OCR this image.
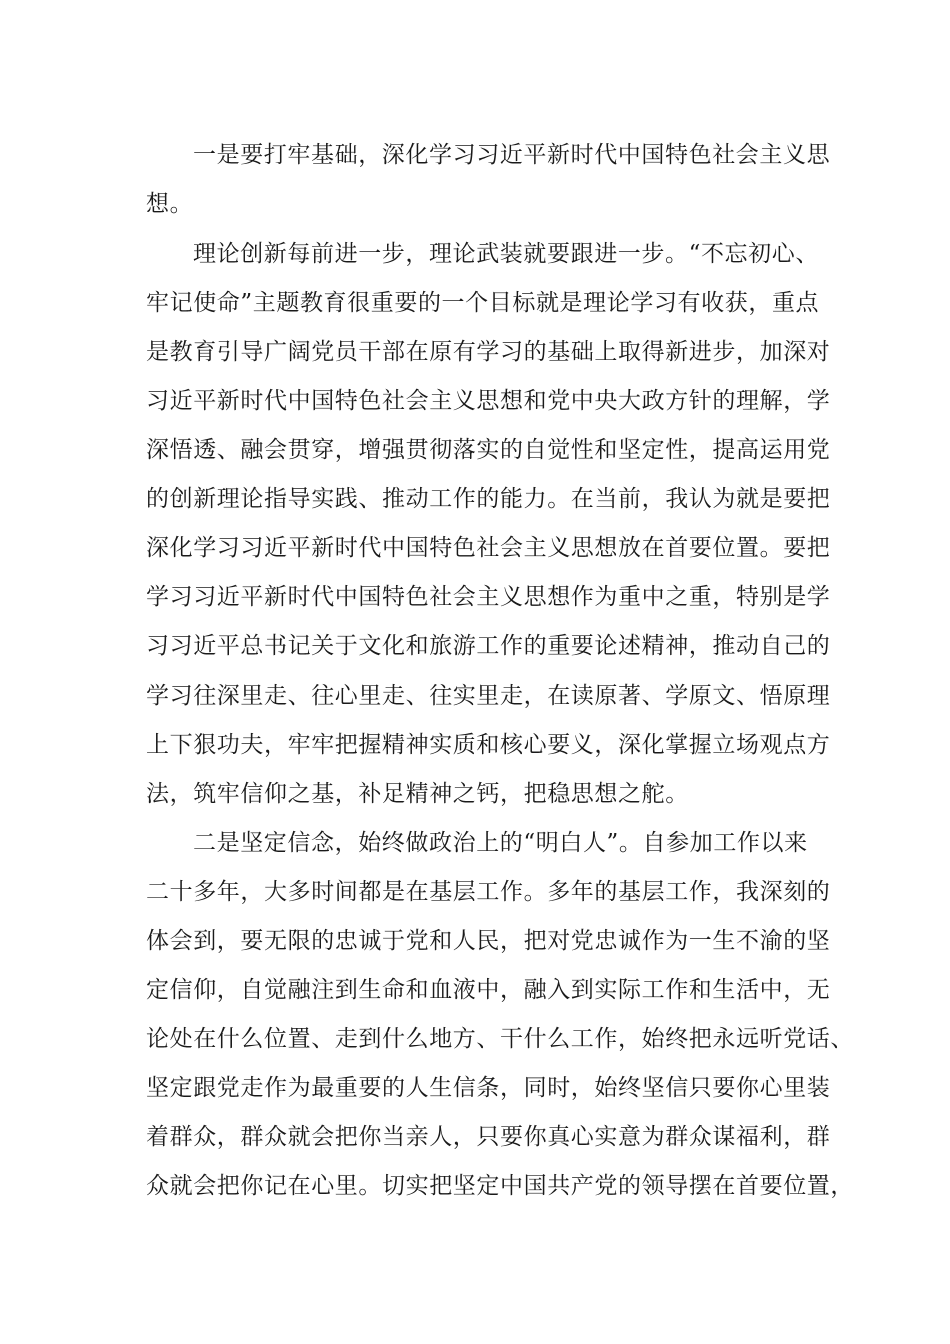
一是要打牢基础，深化学习习近平新时代中国特色社会主义思
想。
理论创新每前进一步，理论武装就要跟进一步。“不忘初心、
牢记使命”主题教育很重要的一个目标就是理论学习有收获，重点
是教育引导广阔党员干部在原有学习的基础上取得新进步，加深对
习近平新时代中国特色社会主义思想和党中央大政方针的理解，学
深悟透、融会贯穿，增强贯彻落实的自觉性和坚定性，提高运用党
的创新理论指导实践、推动工作的能力。在当前，我认为就是要把
深化学习习近平新时代中国特色社会主义思想放在首要位置。要把
学习习近平新时代中国特色社会主义思想作为重中之重，特别是学
习习近平总书记关于文化和旅游工作的重要论述精神，推动自己的
学习往深里走、往心里走、往实里走，在读原著、学原文、悟原理
上下狠功夫，牢牢把握精神实质和核心要义，深化掌握立场观点方
法，筑牢信仰之基，补足精神之钙，把稳思想之舵。
二是坚定信念，始终做政治上的“明白人”。自参加工作以来
二十多年，大多时间都是在基层工作。多年的基层工作，我深刻的
体会到，要无限的忠诚于党和人民，把对党忠诚作为一生不渝的坚
定信仰，自觉融注到生命和血液中，融入到实际工作和生活中，无
论处在什么位置、走到什么地方、干什么工作，始终把永远听党话、
坚定跟党走作为最重要的人生信条，同时，始终坚信只要你心里装
着群众，群众就会把你当亲人，只要你真心实意为群众谋福利，群
众就会把你记在心里。切实把坚定中国共产党的领导摆在首要位置，
